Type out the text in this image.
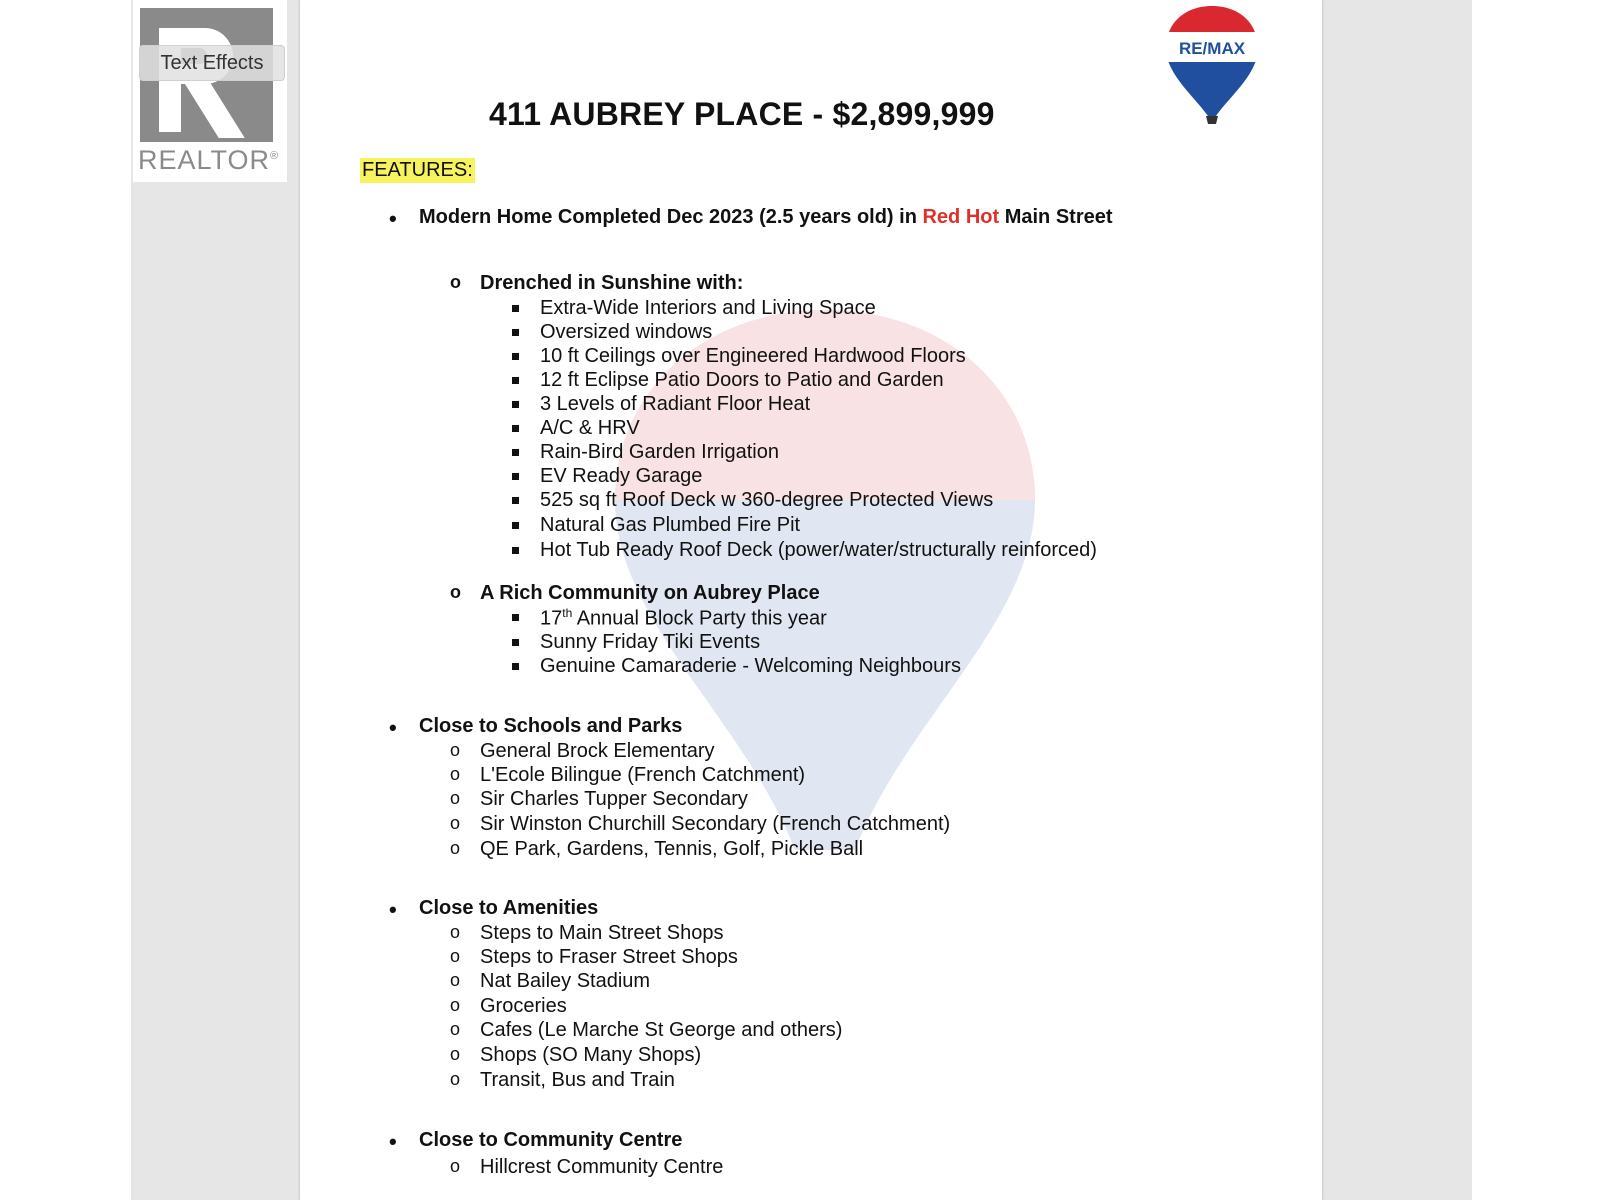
REALTOR®
Text Effects
RE/MAX
411 AUBREY PLACE - $2,899,999
FEATURES:
• Modern Home Completed Dec 2023 (2.5 years old) in Red Hot Main Street
o Drenched in Sunshine with:
Extra-Wide Interiors and Living Space
Oversized windows
10 ft Ceilings over Engineered Hardwood Floors
12 ft Eclipse Patio Doors to Patio and Garden
3 Levels of Radiant Floor Heat
A/C & HRV
Rain-Bird Garden Irrigation
EV Ready Garage
525 sq ft Roof Deck w 360-degree Protected Views
Natural Gas Plumbed Fire Pit
Hot Tub Ready Roof Deck (power/water/structurally reinforced)
o A Rich Community on Aubrey Place
17th Annual Block Party this year
Sunny Friday Tiki Events
Genuine Camaraderie - Welcoming Neighbours
• Close to Schools and Parks
o General Brock Elementary
o L'Ecole Bilingue (French Catchment)
o Sir Charles Tupper Secondary
o Sir Winston Churchill Secondary (French Catchment)
o QE Park, Gardens, Tennis, Golf, Pickle Ball
• Close to Amenities
o Steps to Main Street Shops
o Steps to Fraser Street Shops
o Nat Bailey Stadium
o Groceries
o Cafes (Le Marche St George and others)
o Shops (SO Many Shops)
o Transit, Bus and Train
• Close to Community Centre
o Hillcrest Community Centre
